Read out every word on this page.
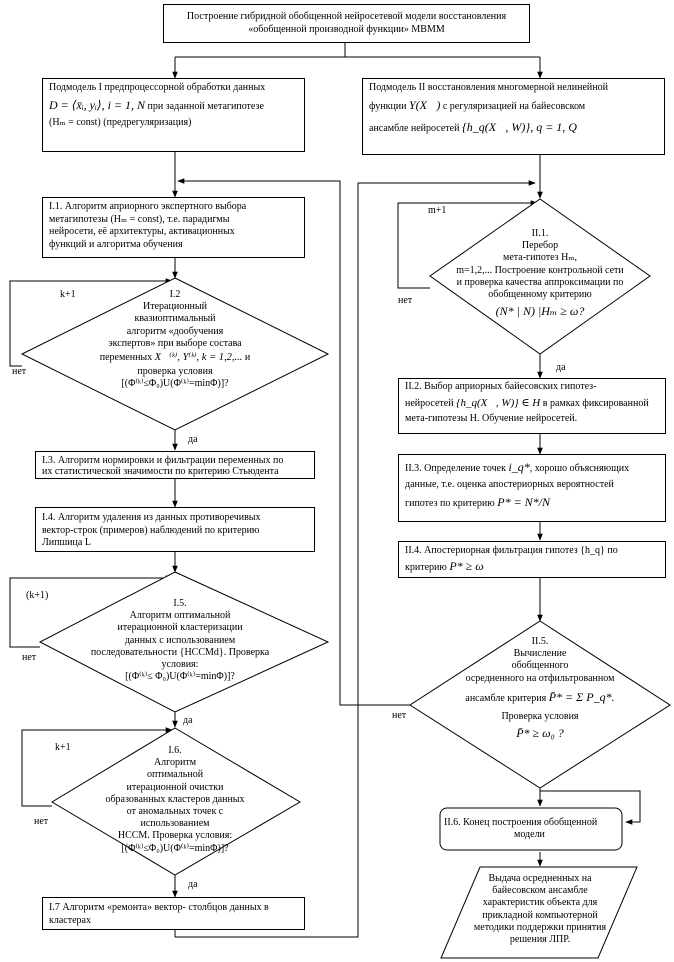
Построение гибридной обобщенной нейросетевой модели восстановления
«обобщенной производной функции» МВММ
Подмодель I предпроцессорной обработки данных
D = ⟨x̄ᵢ, yᵢ⟩, i = 1, N при заданной метагипотезе
(Hₘ = const) (предрегуляризация)
Подмодель II восстановления многомерной нелинейной
функции Y(X⃗) с регуляризацией на байесовском
ансамбле нейросетей {h_q(X⃗, W)}, q = 1, Q
I.1. Алгоритм априорного экспертного выбора
метагипотезы (Hₘ = const), т.е. парадигмы
нейросети, её архитектуры, активационных
функций и алгоритма обучения
I.2
Итерационный
квазиоптимальный
алгоритм «дообучения
экспертов» при выборе состава
переменных X⃗⁽ᵏ⁾, Y⁽ᵏ⁾, k = 1,2,... и
проверка условия
[(Φ⁽ᵏ⁾≤Φ₀)U(Φ⁽ᵏ⁾=minΦ)]?
I.3. Алгоритм нормировки и фильтрации переменных по
их статистической значимости по критерию Стьюдента
I.4. Алгоритм удаления из данных противоречивых
вектор-строк (примеров) наблюдений по критерию
Липшица L
I.5.
Алгоритм оптимальной
итерационной кластеризации
данных с использованием
последовательности {HCCMd}. Проверка
условия:
[(Φ⁽ᵏ⁾≤ Φ₀)U(Φ⁽ᵏ⁾=minΦ)]?
I.6.
Алгоритм
оптимальной
итерационной очистки
образованных кластеров данных
от аномальных точек с
использованием
HCCM. Проверка условия:
[(Φ⁽ᵏ⁾≤Φ₀)U(Φ⁽ᵏ⁾=minΦ)]?
I.7 Алгоритм «ремонта» вектор- столбцов данных в
кластерах
II.1.
Перебор
мета-гипотез Hₘ,
m=1,2,... Построение контрольной сети
и проверка качества аппроксимации по
обобщенному критерию
(N* | N) |Hₘ ≥ ω?
II.2. Выбор априорных байесовских гипотез-
нейросетей {h_q(X⃗, W)} ∈ H в рамках фиксированной
мета-гипотезы H. Обучение нейросетей.
II.3. Определение точек i_q*, хорошо объясняющих
данные, т.е. оценка апостериорных вероятностей
гипотез по критерию P* = N*/N
II.4. Апостериорная фильтрация гипотез {h_q} по
критерию P* ≥ ω
II.5.
Вычисление
обобщенного
осредненного на отфильтрованном
ансамбле критерия P̄* = Σ P_q*.
Проверка условия
P̄* ≥ ω₀ ?
II.6. Конец построения обобщенной
модели
Выдача осредненных на
байесовском ансамбле
характеристик объекта для
прикладной компьютерной
методики поддержки принятия
решения ЛПР.
k+1
нет
да
(k+1)
нет
да
k+1
нет
да
m+1
нет
да
нет
